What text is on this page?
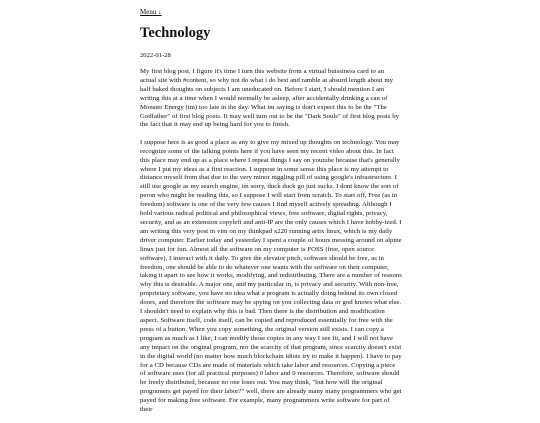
Menu ↓
Technology
2022-01-28

My first blog post, I figure it's time I turn this website from a virtual buissiness card to an actual site with #content, so why not do what i do best and ramble at absurd length about my half baked thoughts on subjects I am uneducated on. Before I start, I should mention I am writing this at a time when I would normally be asleep, after accidentally drinking a can of Monster Energy (tm) too late in the day. What im saying is don't expect this to be the "The Godfather" of first blog posts. It may well turn out to be the "Dark Souls" of first blog posts by the fact that it may end up being hard for you to finish.

I suppose here is as good a place as any to give my mixed up thoughts on technology. You may recognize some of the talking points here if you have seen my recent video about this. In fact this place may end up as a place where I repeat things I say on youtube because that's generally where I put my ideas as a first reaction. I suppose in some sense this place is my attempt to distance myself from that due to the very minor niggling pill of using google's infrastructure. I still use google as my search engine, im sorry, duck duck go just sucks. I dont know the sort of peron who might be reading this, so I suppose I will start from scratch. To start off, Free (as in freedom) software is one of the very few causes I find myself actively spreading. Although I hold various radical political and philosophical views, free software, digital rights, privacy, security, and as an extension copyleft and anti-IP are the only causes which I have hobby-ized. I am writing this very post in vim on my thinkpad x220 running artix linux, which is my daily driver computer. Earlier today and yesterday I spent a couple of hours messing around on alpine linux just for fun. Almost all the software on my computer is FOSS (free, open source software), I interact with it daily. To give the elevator pitch, software should be free, as in freedom, one should be able to do whatever one wants with the software on their computer, taking it apart to see how it works, modifying, and redistributing. There are a number of reasons why this is desirable. A major one, and my particular in, is privacy and security. With non-free, proprietary software, you have no idea what a program is actually doing behind its own closed doors, and therefore the software may be spying on you collecting data or god knows what else. I shouldn't need to explain why this is bad. Then there is the distribution and modification aspect. Software itself, code itself, can be copied and reproduced essentially for free with the press of a button. When you copy something, the original version still exists. I can copy a program as much as I like, I can modify those copies in any way I see fit, and I will not have any impact on the original program, nor the scarcity of that program, since scarcity doesn't exist in the digital world (no matter how much blockchain idiots try to make it happen). I have to pay for a CD because CDs are made of materials which take labor and resources. Copying a piece of software uses (for all practical purposes) 0 labor and 0 resources. Therefore, software should be freely distributed, because no one loses out. You may think, "but how will the original programers get payed for their labor?" well, there are already many many programmers who get payed for making free software. For example, many programmers write software for part of their
